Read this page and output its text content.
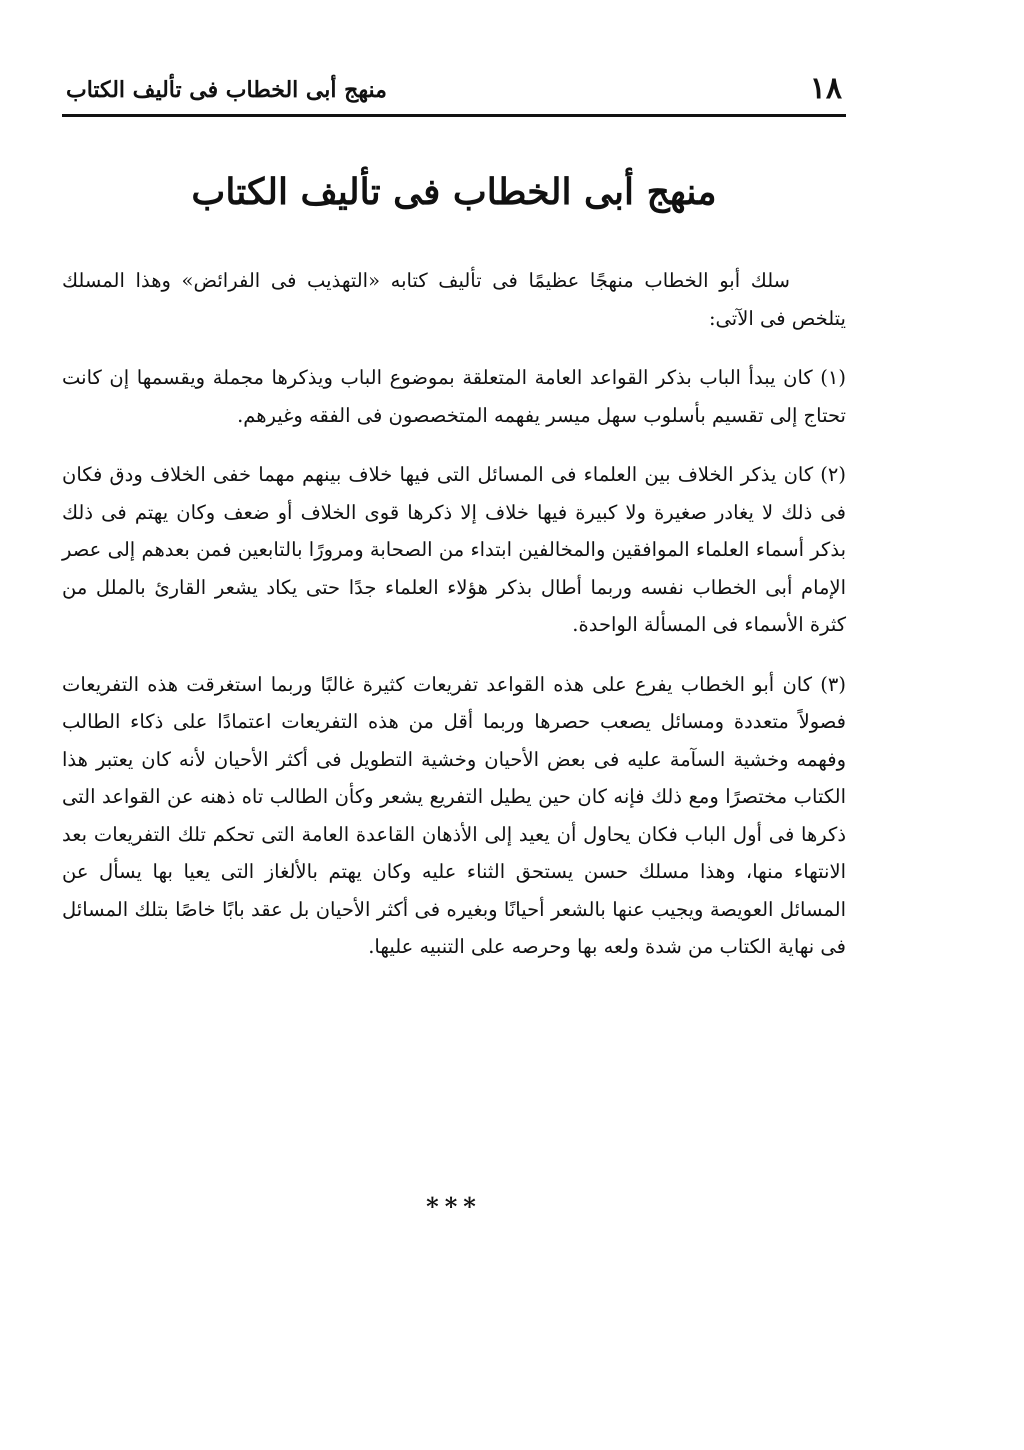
١٨
منهج أبى الخطاب فى تأليف الكتاب
منهج أبى الخطاب فى تأليف الكتاب

سلك أبو الخطاب منهجًا عظيمًا فى تأليف كتابه «التهذيب فى الفرائض» وهذا المسلك يتلخص فى الآتى:

(١) كان يبدأ الباب بذكر القواعد العامة المتعلقة بموضوع الباب ويذكرها مجملة ويقسمها إن كانت تحتاج إلى تقسيم بأسلوب سهل ميسر يفهمه المتخصصون فى الفقه وغيرهم.

(٢) كان يذكر الخلاف بين العلماء فى المسائل التى فيها خلاف بينهم مهما خفى الخلاف ودق فكان فى ذلك لا يغادر صغيرة ولا كبيرة فيها خلاف إلا ذكرها قوى الخلاف أو ضعف وكان يهتم فى ذلك بذكر أسماء العلماء الموافقين والمخالفين ابتداء من الصحابة ومرورًا بالتابعين فمن بعدهم إلى عصر الإمام أبى الخطاب نفسه وربما أطال بذكر هؤلاء العلماء جدًا حتى يكاد يشعر القارئ بالملل من كثرة الأسماء فى المسألة الواحدة.

(٣) كان أبو الخطاب يفرع على هذه القواعد تفريعات كثيرة غالبًا وربما استغرقت هذه التفريعات فصولاً متعددة ومسائل يصعب حصرها وربما أقل من هذه التفريعات اعتمادًا على ذكاء الطالب وفهمه وخشية السآمة عليه فى بعض الأحيان وخشية التطويل فى أكثر الأحيان لأنه كان يعتبر هذا الكتاب مختصرًا ومع ذلك فإنه كان حين يطيل التفريع يشعر وكأن الطالب تاه ذهنه عن القواعد التى ذكرها فى أول الباب فكان يحاول أن يعيد إلى الأذهان القاعدة العامة التى تحكم تلك التفريعات بعد الانتهاء منها، وهذا مسلك حسن يستحق الثناء عليه وكان يهتم بالألغاز التى يعيا بها يسأل عن المسائل العويصة ويجيب عنها بالشعر أحيانًا وبغيره فى أكثر الأحيان بل عقد بابًا خاصًا بتلك المسائل فى نهاية الكتاب من شدة ولعه بها وحرصه على التنبيه عليها.

***
